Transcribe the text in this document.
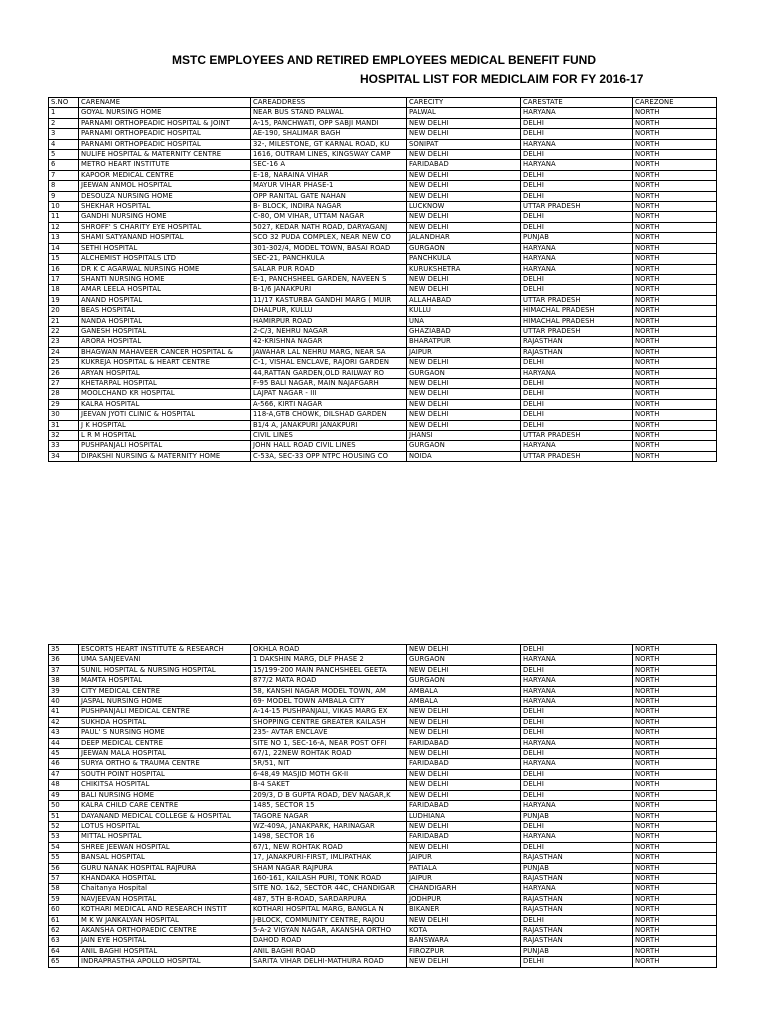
MSTC EMPLOYEES AND RETIRED EMPLOYEES MEDICAL BENEFIT FUND
HOSPITAL LIST FOR MEDICLAIM FOR FY 2016-17
S.NO	CARENAME	CAREADDRESS	CARECITY	CARESTATE	CAREZONE
1	GOYAL NURSING HOME	NEAR BUS STAND PALWAL	PALWAL	HARYANA	NORTH
2	PARNAMI ORTHOPEADIC HOSPITAL & JOINT	A-15, PANCHWATI, OPP SABJI MANDI	NEW DELHI	DELHI	NORTH
3	PARNAMI ORTHOPEADIC HOSPITAL	AE-190, SHALIMAR BAGH	NEW DELHI	DELHI	NORTH
4	PARNAMI ORTHOPEADIC HOSPITAL	32-, MILESTONE, GT KARNAL ROAD, KU	SONIPAT	HARYANA	NORTH
5	NULIFE HOSPITAL & MATERNITY CENTRE	1616, OUTRAM LINES, KINGSWAY CAMP	NEW DELHI	DELHI	NORTH
6	METRO HEART INSTITUTE	SEC-16 A	FARIDABAD	HARYANA	NORTH
7	KAPOOR MEDICAL CENTRE	E-18, NARAINA VIHAR	NEW DELHI	DELHI	NORTH
8	JEEWAN ANMOL HOSPITAL	MAYUR VIHAR PHASE-1	NEW DELHI	DELHI	NORTH
9	DESOUZA NURSING HOME	OPP RANITAL GATE NAHAN	NEW DELHI	DELHI	NORTH
10	SHEKHAR HOSPITAL	B- BLOCK, INDIRA NAGAR	LUCKNOW	UTTAR PRADESH	NORTH
11	GANDHI NURSING HOME	C-80, OM VIHAR, UTTAM NAGAR	NEW DELHI	DELHI	NORTH
12	SHROFF' S CHARITY EYE HOSPITAL	5027, KEDAR NATH ROAD, DARYAGANJ	NEW DELHI	DELHI	NORTH
13	SHAMI SATYANAND HOSPITAL	SCO 32 PUDA COMPLEX, NEAR NEW CO	JALANDHAR	PUNJAB	NORTH
14	SETHI HOSPITAL	301-302/4, MODEL TOWN, BASAI ROAD	GURGAON	HARYANA	NORTH
15	ALCHEMIST HOSPITALS LTD	SEC-21, PANCHKULA	PANCHKULA	HARYANA	NORTH
16	DR K C AGARWAL NURSING HOME	SALAR PUR ROAD	KURUKSHETRA	HARYANA	NORTH
17	SHANTI NURSING HOME	E-1, PANCHSHEEL GARDEN, NAVEEN S	NEW DELHI	DELHI	NORTH
18	AMAR LEELA HOSPITAL	B-1/6 JANAKPURI	NEW DELHI	DELHI	NORTH
19	ANAND HOSPITAL	11/17 KASTURBA GANDHI MARG ( MUIR	ALLAHABAD	UTTAR PRADESH	NORTH
20	BEAS HOSPITAL	DHALPUR, KULLU	KULLU	HIMACHAL PRADESH	NORTH
21	NANDA HOSPITAL	HAMIRPUR ROAD	UNA	HIMACHAL PRADESH	NORTH
22	GANESH HOSPITAL	2-C/3, NEHRU NAGAR	GHAZIABAD	UTTAR PRADESH	NORTH
23	ARORA HOSPITAL	42-KRISHNA NAGAR	BHARATPUR	RAJASTHAN	NORTH
24	BHAGWAN MAHAVEER CANCER HOSPITAL &	JAWAHAR LAL NEHRU MARG, NEAR SA	JAIPUR	RAJASTHAN	NORTH
25	KUKREJA HOSPITAL & HEART CENTRE	C-1, VISHAL ENCLAVE, RAJORI GARDEN	NEW DELHI	DELHI	NORTH
26	ARYAN HOSPITAL	44,RATTAN GARDEN,OLD RAILWAY RO	GURGAON	HARYANA	NORTH
27	KHETARPAL HOSPITAL	F-95 BALI NAGAR, MAIN NAJAFGARH	NEW DELHI	DELHI	NORTH
28	MOOLCHAND KR HOSPITAL	LAJPAT NAGAR - III	NEW DELHI	DELHI	NORTH
29	KALRA HOSPITAL	A-566, KIRTI NAGAR	NEW DELHI	DELHI	NORTH
30	JEEVAN JYOTI CLINIC & HOSPITAL	118-A,GTB CHOWK, DILSHAD GARDEN	NEW DELHI	DELHI	NORTH
31	J K HOSPITAL	B1/4 A, JANAKPURI JANAKPURI	NEW DELHI	DELHI	NORTH
32	L R M HOSPITAL	CIVIL LINES	JHANSI	UTTAR PRADESH	NORTH
33	PUSHPANJALI HOSPITAL	JOHN HALL ROAD CIVIL LINES	GURGAON	HARYANA	NORTH
34	DIPAKSHI NURSING & MATERNITY HOME	C-53A, SEC-33 OPP NTPC HOUSING CO	NOIDA	UTTAR PRADESH	NORTH
35	ESCORTS HEART INSTITUTE & RESEARCH	OKHLA ROAD	NEW DELHI	DELHI	NORTH
36	UMA SANJEEVANI	1 DAKSHIN MARG, DLF PHASE 2	GURGAON	HARYANA	NORTH
37	SUNIL HOSPITAL & NURSING HOSPITAL	15/199-200 MAIN PANCHSHEEL GEETA	NEW DELHI	DELHI	NORTH
38	MAMTA HOSPITAL	877/2 MATA ROAD	GURGAON	HARYANA	NORTH
39	CITY MEDICAL CENTRE	58, KANSHI NAGAR MODEL TOWN, AM	AMBALA	HARYANA	NORTH
40	JASPAL NURSING HOME	69- MODEL TOWN AMBALA CITY	AMBALA	HARYANA	NORTH
41	PUSHPANJALI MEDICAL CENTRE	A-14-15 PUSHPANJALI, VIKAS MARG EX	NEW DELHI	DELHI	NORTH
42	SUKHDA HOSPITAL	SHOPPING CENTRE GREATER KAILASH	NEW DELHI	DELHI	NORTH
43	PAUL' S NURSING HOME	235- AVTAR ENCLAVE	NEW DELHI	DELHI	NORTH
44	DEEP MEDICAL CENTRE	SITE NO 1, SEC-16-A, NEAR POST OFFI	FARIDABAD	HARYANA	NORTH
45	JEEWAN MALA HOSPITAL	67/1, 22NEW ROHTAK ROAD	NEW DELHI	DELHI	NORTH
46	SURYA ORTHO & TRAUMA CENTRE	5R/51, NIT	FARIDABAD	HARYANA	NORTH
47	SOUTH POINT HOSPITAL	6-48,49 MASJID MOTH GK-II	NEW DELHI	DELHI	NORTH
48	CHIKITSA HOSPITAL	B-4 SAKET	NEW DELHI	DELHI	NORTH
49	BALI NURSING HOME	209/3, D B GUPTA ROAD, DEV NAGAR,K	NEW DELHI	DELHI	NORTH
50	KALRA CHILD CARE CENTRE	1485, SECTOR 15	FARIDABAD	HARYANA	NORTH
51	DAYANAND MEDICAL COLLEGE & HOSPITAL	TAGORE NAGAR	LUDHIANA	PUNJAB	NORTH
52	LOTUS HOSPITAL	WZ-409A, JANAKPARK, HARINAGAR	NEW DELHI	DELHI	NORTH
53	MITTAL HOSPITAL	1498, SECTOR 16	FARIDABAD	HARYANA	NORTH
54	SHREE JEEWAN HOSPITAL	67/1, NEW ROHTAK ROAD	NEW DELHI	DELHI	NORTH
55	BANSAL HOSPITAL	17, JANAKPURI-FIRST, IMLIPATHAK	JAIPUR	RAJASTHAN	NORTH
56	GURU NANAK HOSPITAL RAJPURA	SHAM NAGAR RAJPURA	PATIALA	PUNJAB	NORTH
57	KHANDAKA HOSPITAL	160-161, KAILASH PURI, TONK ROAD	JAIPUR	RAJASTHAN	NORTH
58	Chaitanya Hospital	SITE NO. 1&2, SECTOR 44C, CHANDIGAR	CHANDIGARH	HARYANA	NORTH
59	NAVJEEVAN HOSPITAL	487, 5TH B-ROAD, SARDARPURA	JODHPUR	RAJASTHAN	NORTH
60	KOTHARI MEDICAL AND RESEARCH INSTIT	KOTHARI HOSPITAL MARG, BANGLA N	BIKANER	RAJASTHAN	NORTH
61	M K W JANKALYAN HOSPITAL	J-BLOCK, COMMUNITY CENTRE, RAJOU	NEW DELHI	DELHI	NORTH
62	AKANSHA ORTHOPAEDIC CENTRE	5-A-2 VIGYAN NAGAR, AKANSHA ORTHO	KOTA	RAJASTHAN	NORTH
63	JAIN EYE HOSPITAL	DAHOD ROAD	BANSWARA	RAJASTHAN	NORTH
64	ANIL BAGHI HOSPITAL	ANIL BAGHI ROAD	FIROZPUR	PUNJAB	NORTH
65	INDRAPRASTHA APOLLO HOSPITAL	SARITA VIHAR DELHI-MATHURA ROAD	NEW DELHI	DELHI	NORTH
